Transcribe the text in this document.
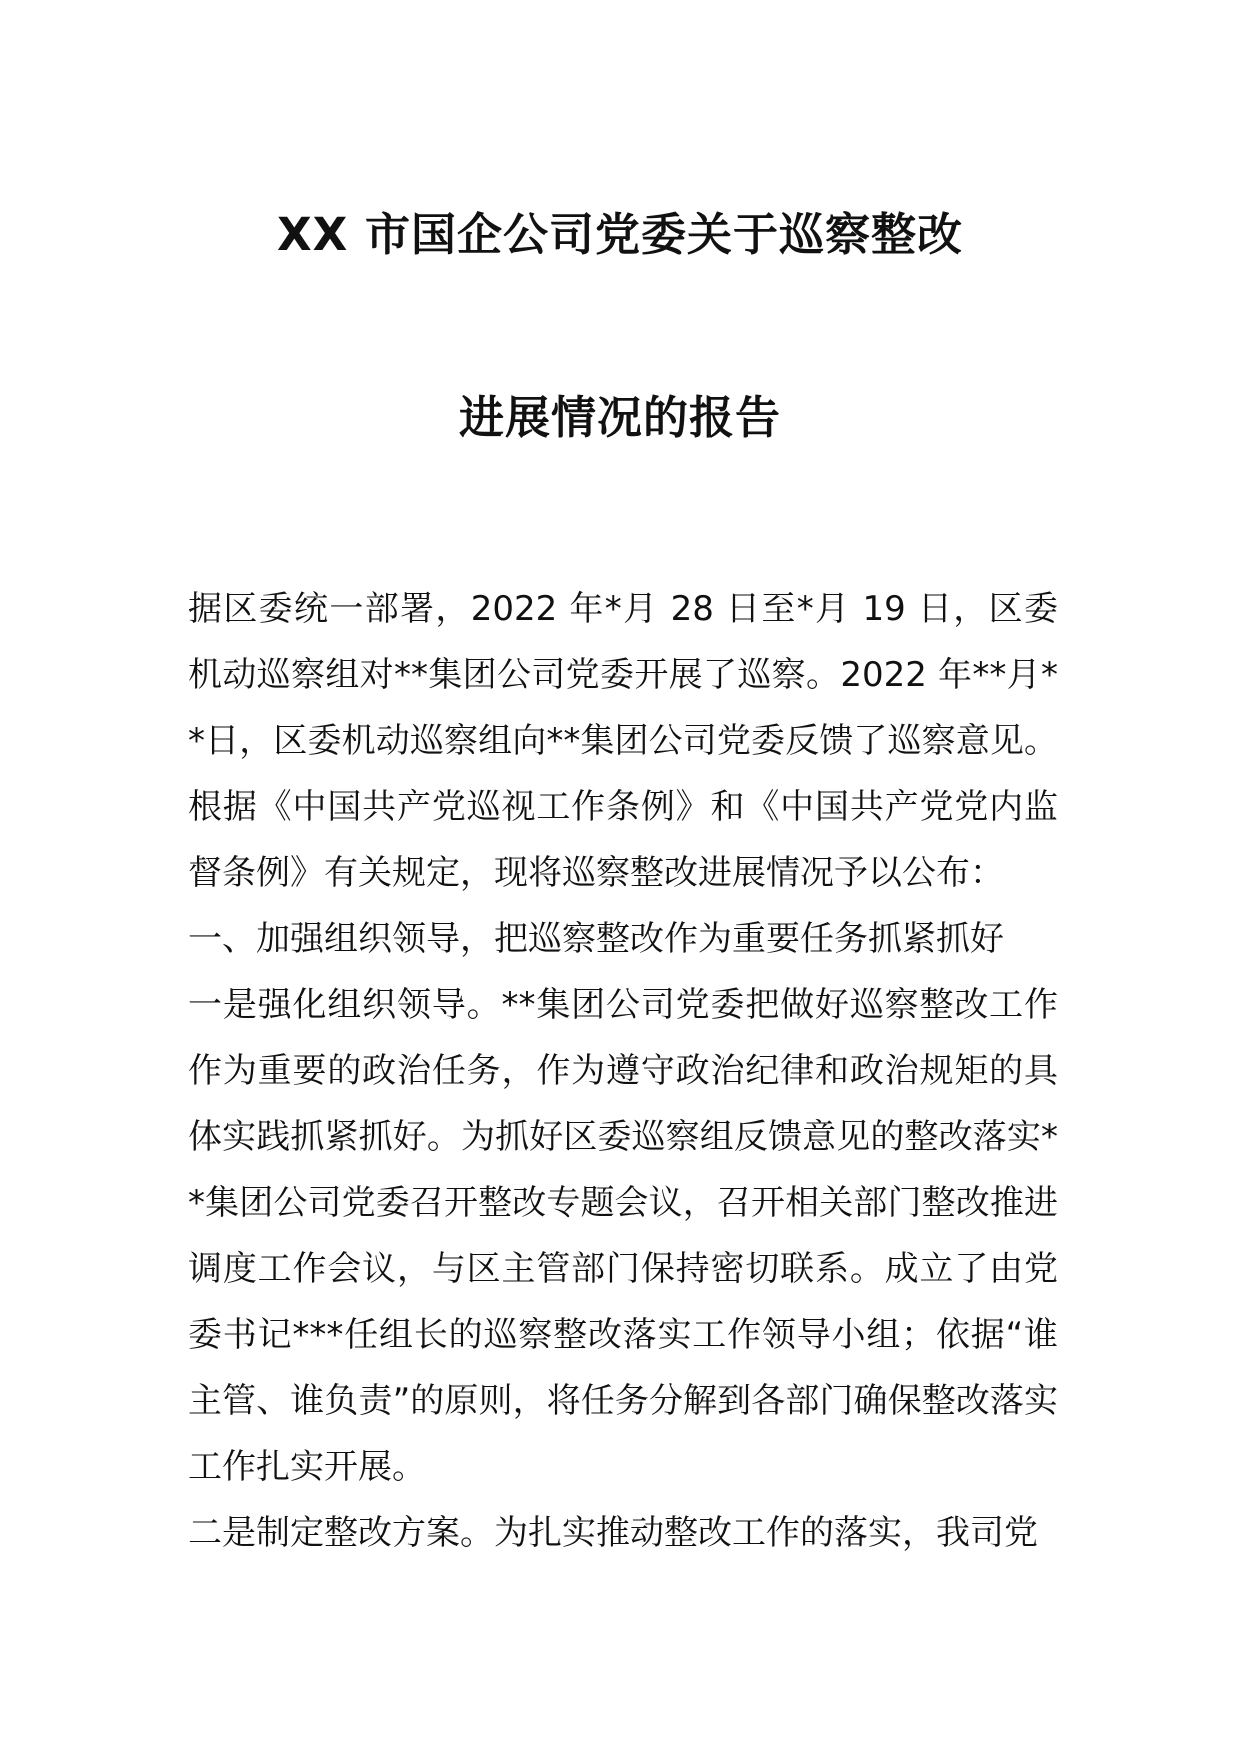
XX 市国企公司党委关于巡察整改
进展情况的报告

据区委统一部署，2022 年*月 28 日至*月 19 日，区委机动巡察组对**集团公司党委开展了巡察。2022 年**月**日，区委机动巡察组向**集团公司党委反馈了巡察意见。根据《中国共产党巡视工作条例》和《中国共产党党内监督条例》有关规定，现将巡察整改进展情况予以公布：

一、加强组织领导，把巡察整改作为重要任务抓紧抓好

一是强化组织领导。**集团公司党委把做好巡察整改工作作为重要的政治任务，作为遵守政治纪律和政治规矩的具体实践抓紧抓好。为抓好区委巡察组反馈意见的整改落实**集团公司党委召开整改专题会议，召开相关部门整改推进调度工作会议，与区主管部门保持密切联系。成立了由党委书记***任组长的巡察整改落实工作领导小组；依据“谁主管、谁负责”的原则，将任务分解到各部门确保整改落实工作扎实开展。

二是制定整改方案。为扎实推动整改工作的落实，我司党
